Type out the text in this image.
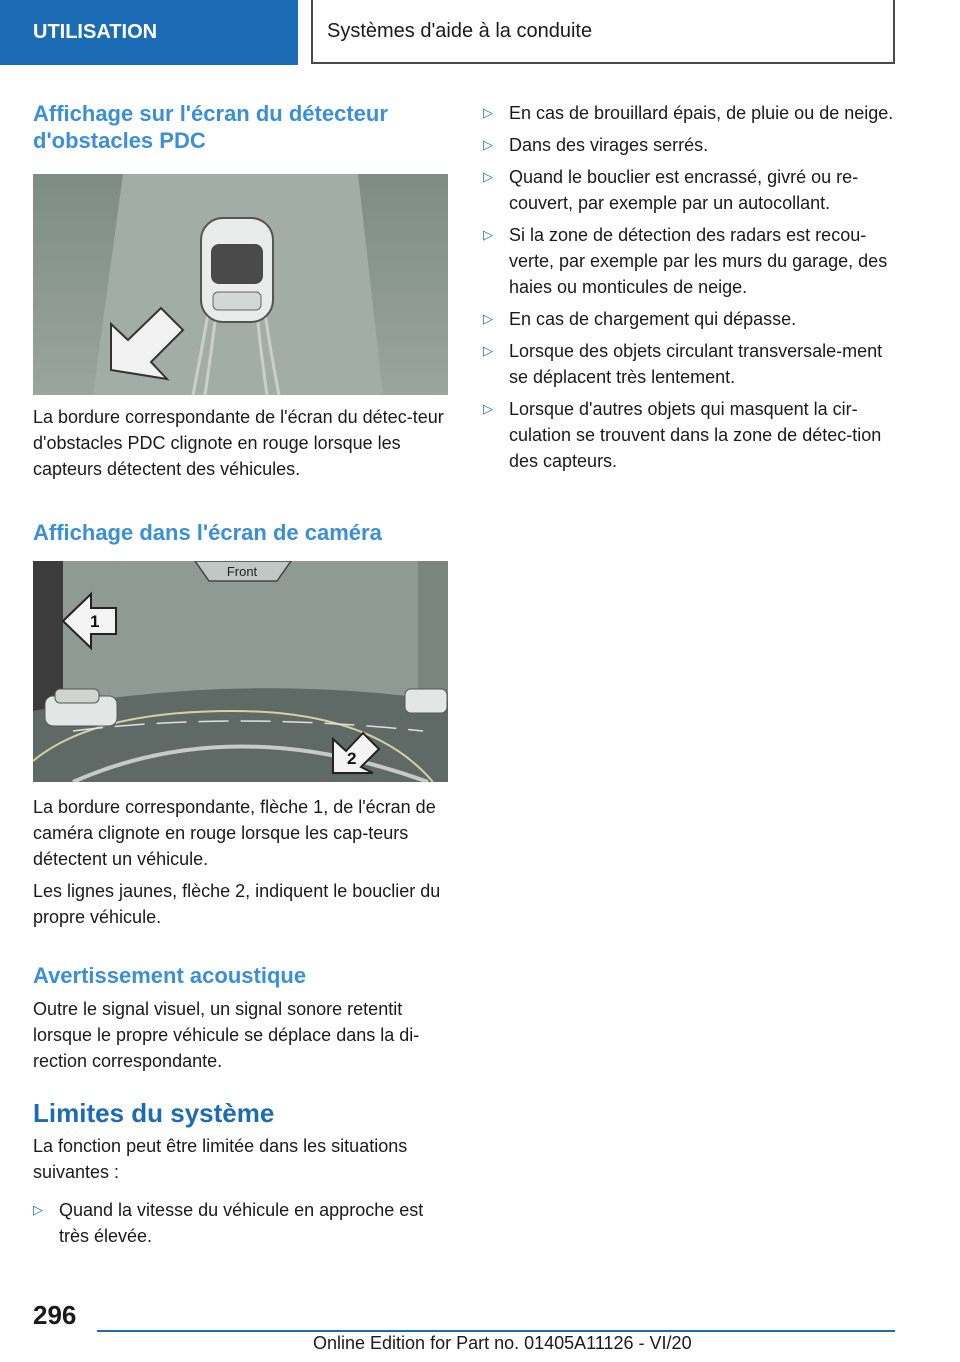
UTILISATION	Systèmes d'aide à la conduite
Affichage sur l'écran du détecteur d'obstacles PDC

La bordure correspondante de l'écran du détec-teur d'obstacles PDC clignote en rouge lorsque les capteurs détectent des véhicules.

Affichage dans l'écran de caméra
Front
1
2

La bordure correspondante, flèche 1, de l'écran de caméra clignote en rouge lorsque les cap-teurs détectent un véhicule.

Les lignes jaunes, flèche 2, indiquent le bouclier du propre véhicule.

Avertissement acoustique

Outre le signal visuel, un signal sonore retentit lorsque le propre véhicule se déplace dans la di-rection correspondante.

Limites du système

La fonction peut être limitée dans les situations suivantes :

▷ Quand la vitesse du véhicule en approche est très élevée.
▷ En cas de brouillard épais, de pluie ou de neige.
▷ Dans des virages serrés.
▷ Quand le bouclier est encrassé, givré ou re-couvert, par exemple par un autocollant.
▷ Si la zone de détection des radars est recou-verte, par exemple par les murs du garage, des haies ou monticules de neige.
▷ En cas de chargement qui dépasse.
▷ Lorsque des objets circulant transversale-ment se déplacent très lentement.
▷ Lorsque d'autres objets qui masquent la cir-culation se trouvent dans la zone de détec-tion des capteurs.
296
Online Edition for Part no. 01405A11126 - VI/20
